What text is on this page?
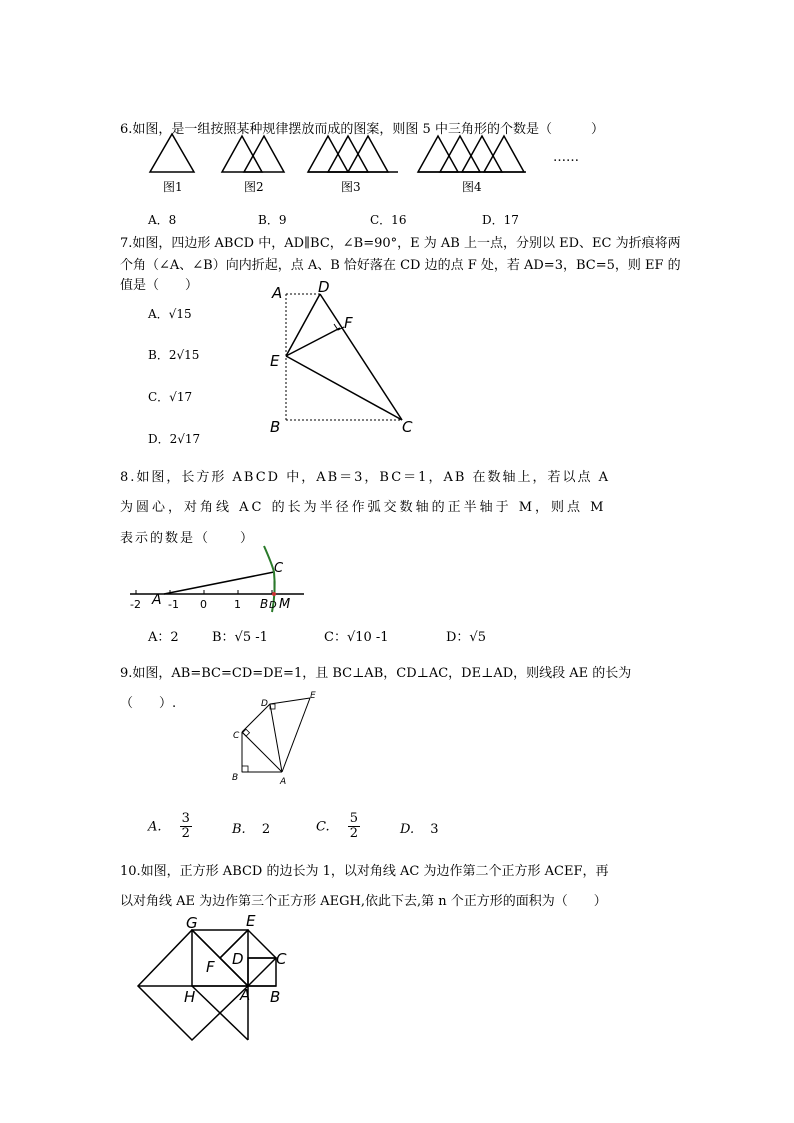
6.如图，是一组按照某种规律摆放而成的图案，则图 5 中三角形的个数是（　　　）
图1	图2	图3	图4
……
A．8	B．9	C．16	D．17
7.如图，四边形 ABCD 中，AD∥BC，∠B=90°，E 为 AB 上一点，分别以 ED、EC 为折痕将两
个角（∠A、∠B）向内折起，点 A、B 恰好落在 CD 边的点 F 处，若 AD=3，BC=5，则 EF 的
值是（　　）
A．√15
B．2√15
C．√17
D．2√17
A D
F
E
B	C
8.如图，长方形 ABCD 中，AB＝3，BC＝1，AB 在数轴上，若以点 A
为圆心，对角线 AC 的长为半径作弧交数轴的正半轴于 M，则点 M
表示的数是（　　）
-2 -1 0 1
A
C
B D M
A：2	B：√5 -1	C：√10 -1	D：√5
9.如图，AB=BC=CD=DE=1，且 BC⊥AB，CD⊥AC，DE⊥AD，则线段 AE 的长为
（　　）.
B	A
C
D
E
A. $\frac{3}{2}$	B. 2	C. $\frac{5}{2}$	D. 3
10.如图，正方形 ABCD 的边长为 1，以对角线 AC 为边作第二个正方形 ACEF，再
以对角线 AE 为边作第三个正方形 AEGH,依此下去,第 n 个正方形的面积为（　　）
G	E
F D C
H	A B
